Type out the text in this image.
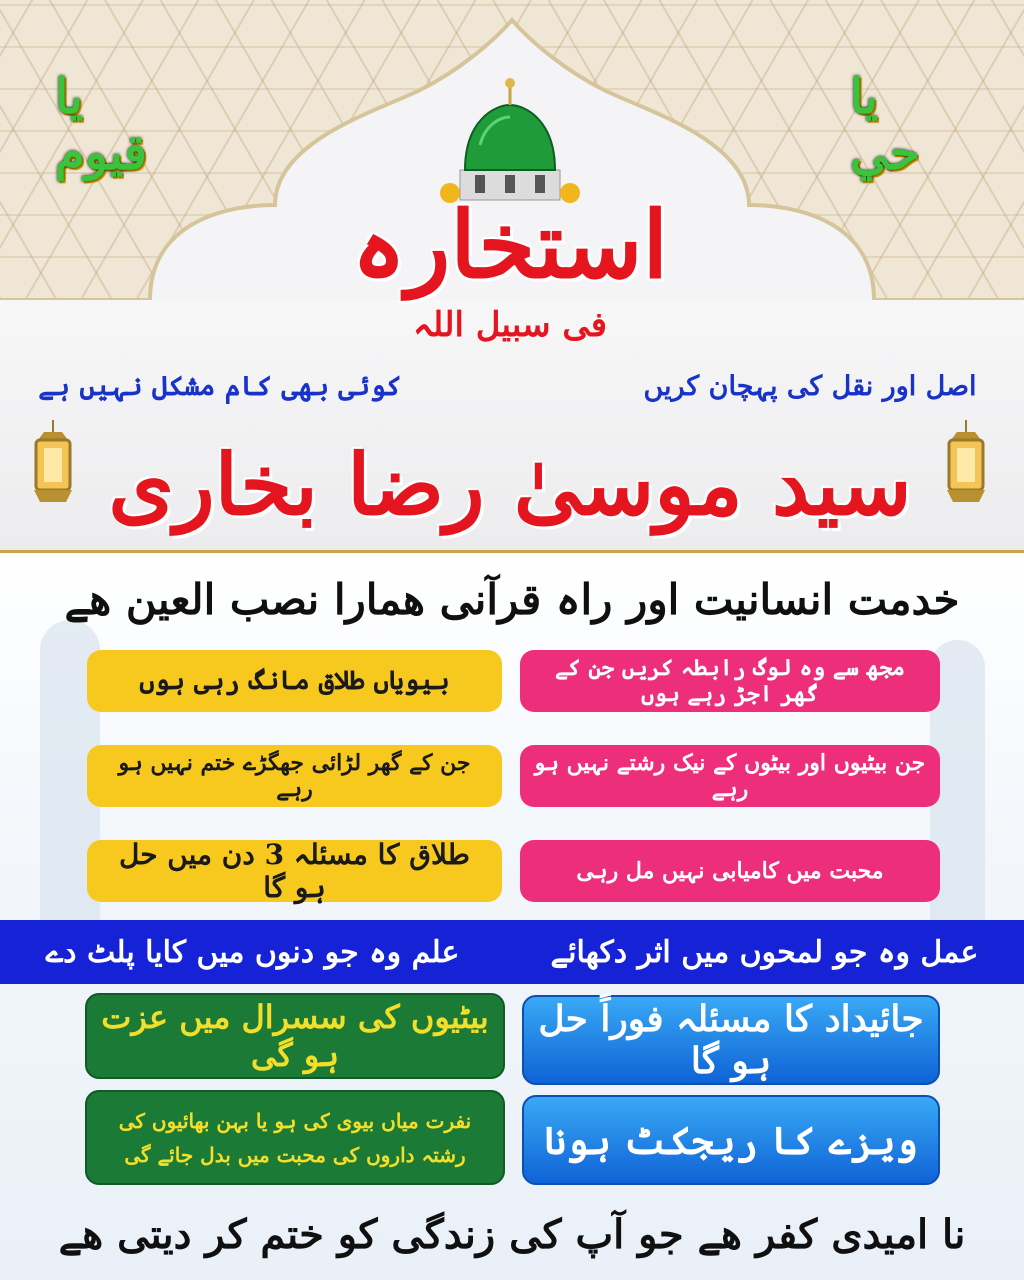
يا قيوم
يا حي
استخارہ
فی سبیل اللہ
اصل اور نقل کی پہچان کریں
کوئی بھی کام مشکل نہیں ہے
سید موسیٰ رضا بخاری
خدمت انسانیت اور راہ قرآنی ھمارا نصب العین ھے
مجھ سے وہ لوگ رابطہ کریں جن کے گھر اجڑ رہے ہوں
جن بیٹیوں اور بیٹوں کے نیک رشتے نہیں ہو رہے
محبت میں کامیابی نہیں مل رہی
بیویاں طلاق مانگ رہی ہوں
جن کے گھر لڑائی جھگڑے ختم نہیں ہو رہے
طلاق کا مسئلہ 3 دن میں حل ہو گا
علم وہ جو دنوں میں کایا پلٹ دے	عمل وہ جو لمحوں میں اثر دکھائے
جائیداد کا مسئلہ فوراً حل ہو گا
ویزے کا ریجکٹ ہونا
بیٹیوں کی سسرال میں عزت ہو گی
نفرت میاں بیوی کی ہو یا بہن بھائیوں کی رشتہ داروں کی محبت میں بدل جائے گی
نا امیدی کفر ھے جو آپ کی زندگی کو ختم کر دیتی ھے
